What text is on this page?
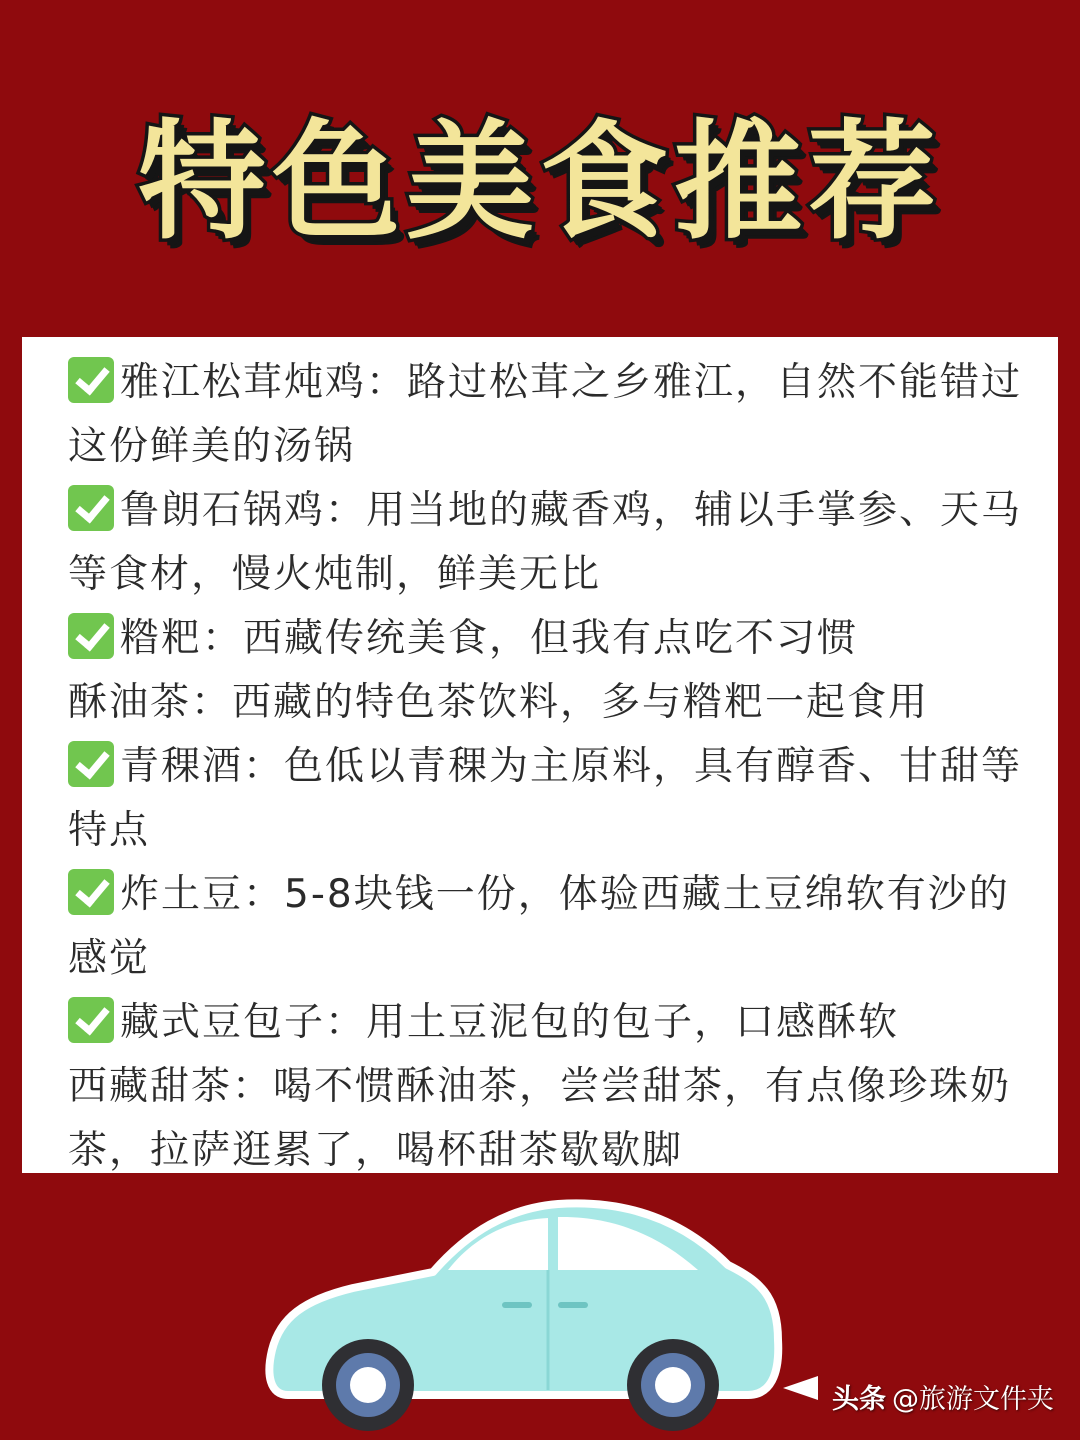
特色美食推荐

雅江松茸炖鸡：路过松茸之乡雅江，自然不能错过这份鲜美的汤锅

鲁朗石锅鸡：用当地的藏香鸡，辅以手掌参、天马等食材，慢火炖制，鲜美无比

糌粑：西藏传统美食，但我有点吃不习惯

酥油茶：西藏的特色茶饮料，多与糌粑一起食用

青稞酒：色低以青稞为主原料，具有醇香、甘甜等特点

炸土豆：5-8块钱一份，体验西藏土豆绵软有沙的感觉

藏式豆包子：用土豆泥包的包子，口感酥软

西藏甜茶：喝不惯酥油茶，尝尝甜茶，有点像珍珠奶茶，拉萨逛累了，喝杯甜茶歇歇脚

头条 @旅游文件夹
